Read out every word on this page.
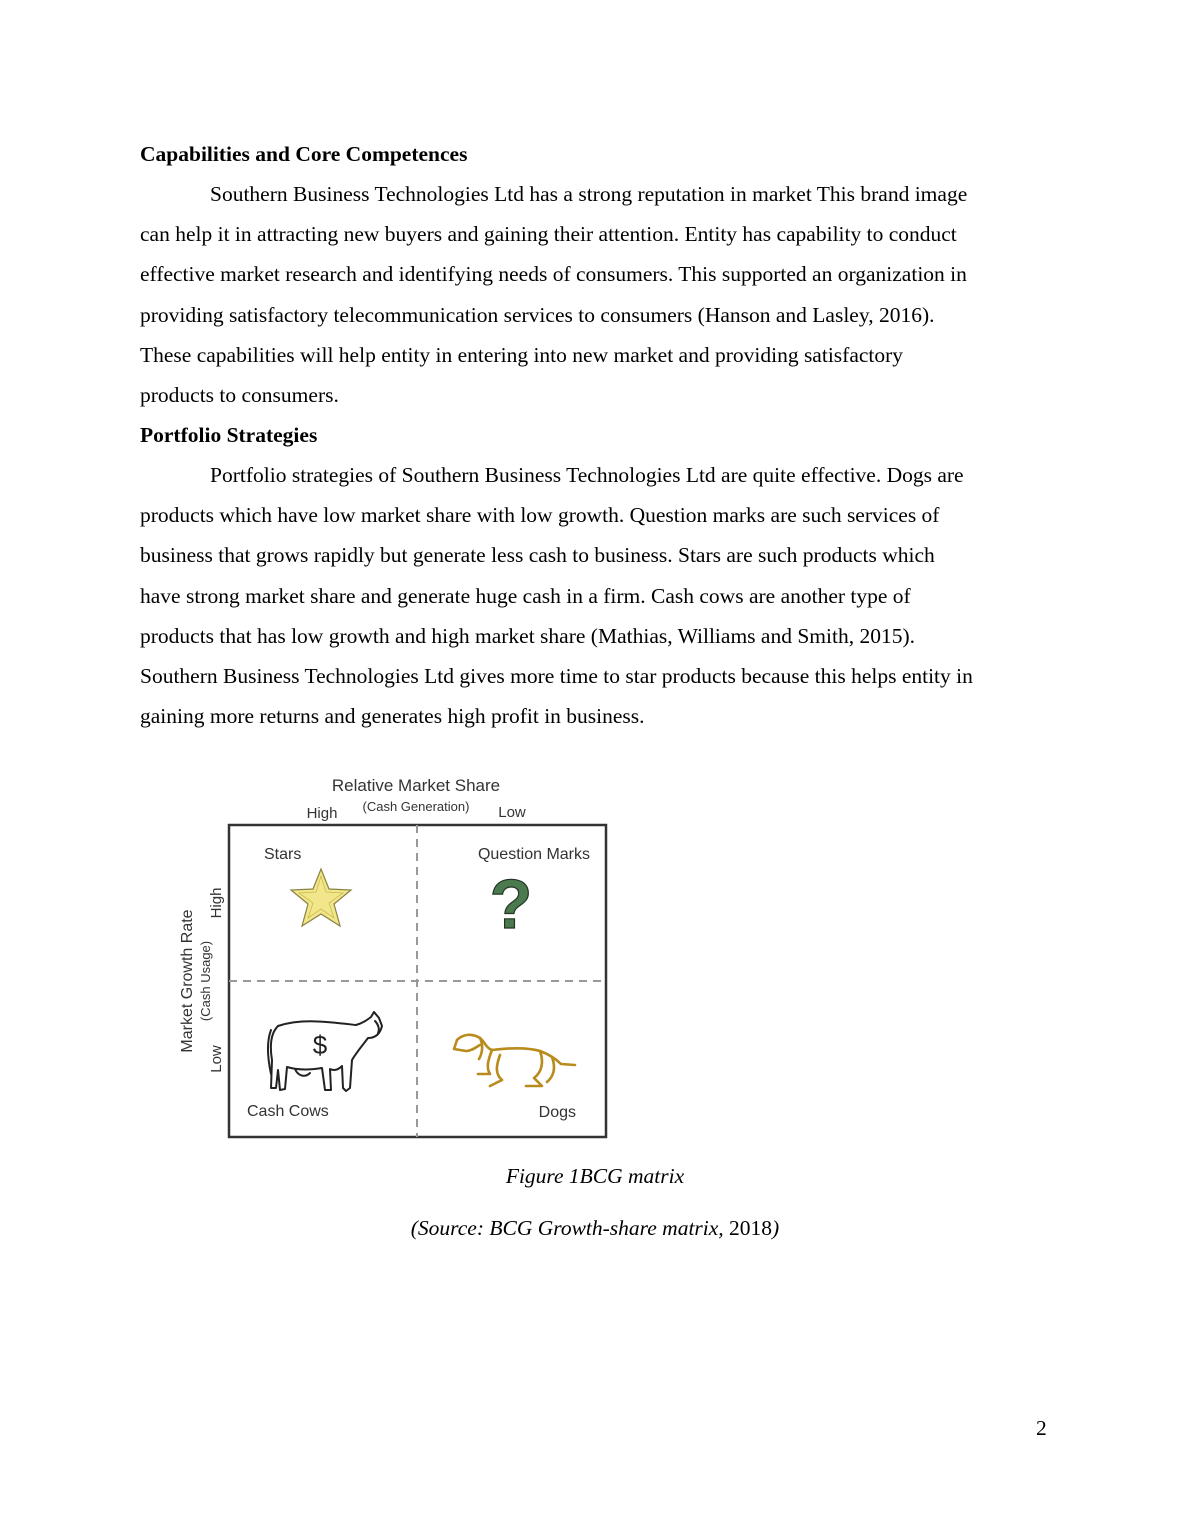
Capabilities and Core Competences

Southern Business Technologies Ltd has a strong reputation in market This brand image
can help it in attracting new buyers and gaining their attention. Entity has capability to conduct
effective market research and identifying needs of consumers. This supported an organization in
providing satisfactory telecommunication services to consumers (Hanson and Lasley, 2016).
These capabilities will help entity in entering into new market and providing satisfactory
products to consumers.

Portfolio Strategies

Portfolio strategies of Southern Business Technologies Ltd are quite effective. Dogs are
products which have low market share with low growth. Question marks are such services of
business that grows rapidly but generate less cash to business. Stars are such products which
have strong market share and generate huge cash in a firm. Cash cows are another type of
products that has low growth and high market share (Mathias, Williams and Smith, 2015).
Southern Business Technologies Ltd gives more time to star products because this helps entity in
gaining more returns and generates high profit in business.

Relative Market Share
(Cash Generation)
High	Low
Market Growth Rate (Cash Usage)
High
Low
Stars	Question Marks
Cash Cows	Dogs
?
$

Figure 1BCG matrix

(Source: BCG Growth-share matrix, 2018)

2
